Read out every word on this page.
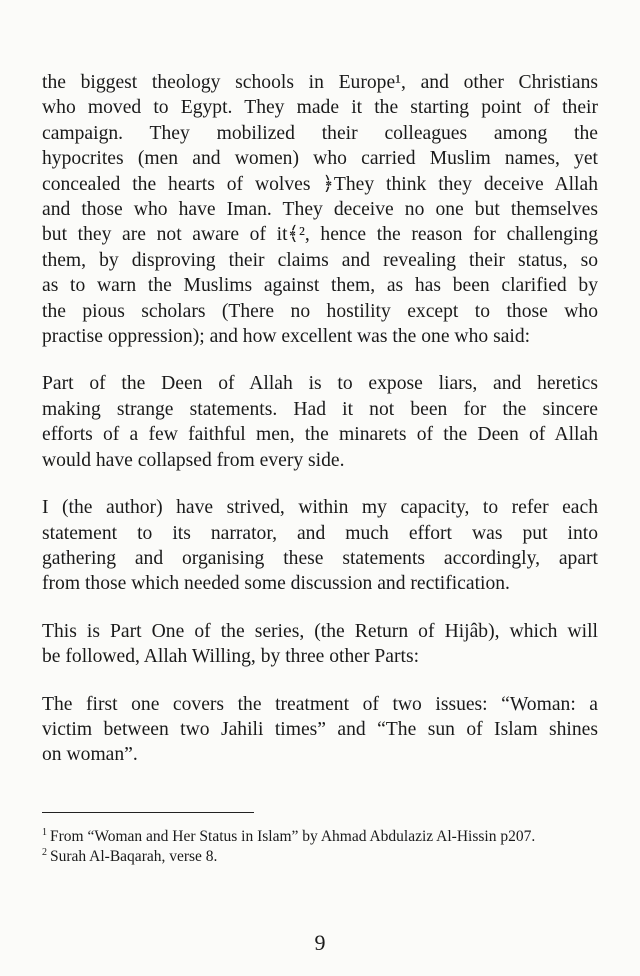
the biggest theology schools in Europe¹, and other Christians
who moved to Egypt. They made it the starting point of their
campaign. They mobilized their colleagues among the
hypocrites (men and women) who carried Muslim names, yet
concealed the hearts of wolves ﴿They think they deceive Allah
and those who have Iman. They deceive no one but themselves
but they are not aware of it﴾², hence the reason for challenging
them, by disproving their claims and revealing their status, so
as to warn the Muslims against them, as has been clarified by
the pious scholars (There no hostility except to those who
practise oppression); and how excellent was the one who said:

Part of the Deen of Allah is to expose liars, and heretics
making strange statements. Had it not been for the sincere
efforts of a few faithful men, the minarets of the Deen of Allah
would have collapsed from every side.

I (the author) have strived, within my capacity, to refer each
statement to its narrator, and much effort was put into
gathering and organising these statements accordingly, apart
from those which needed some discussion and rectification.

This is Part One of the series, (the Return of Hijâb), which will
be followed, Allah Willing, by three other Parts:

The first one covers the treatment of two issues: “Woman: a
victim between two Jahili times” and “The sun of Islam shines
on woman”.

$^1$ From “Woman and Her Status in Islam” by Ahmad Abdulaziz Al-Hissin p207.

$^2$ Surah Al-Baqarah, verse 8.

9
